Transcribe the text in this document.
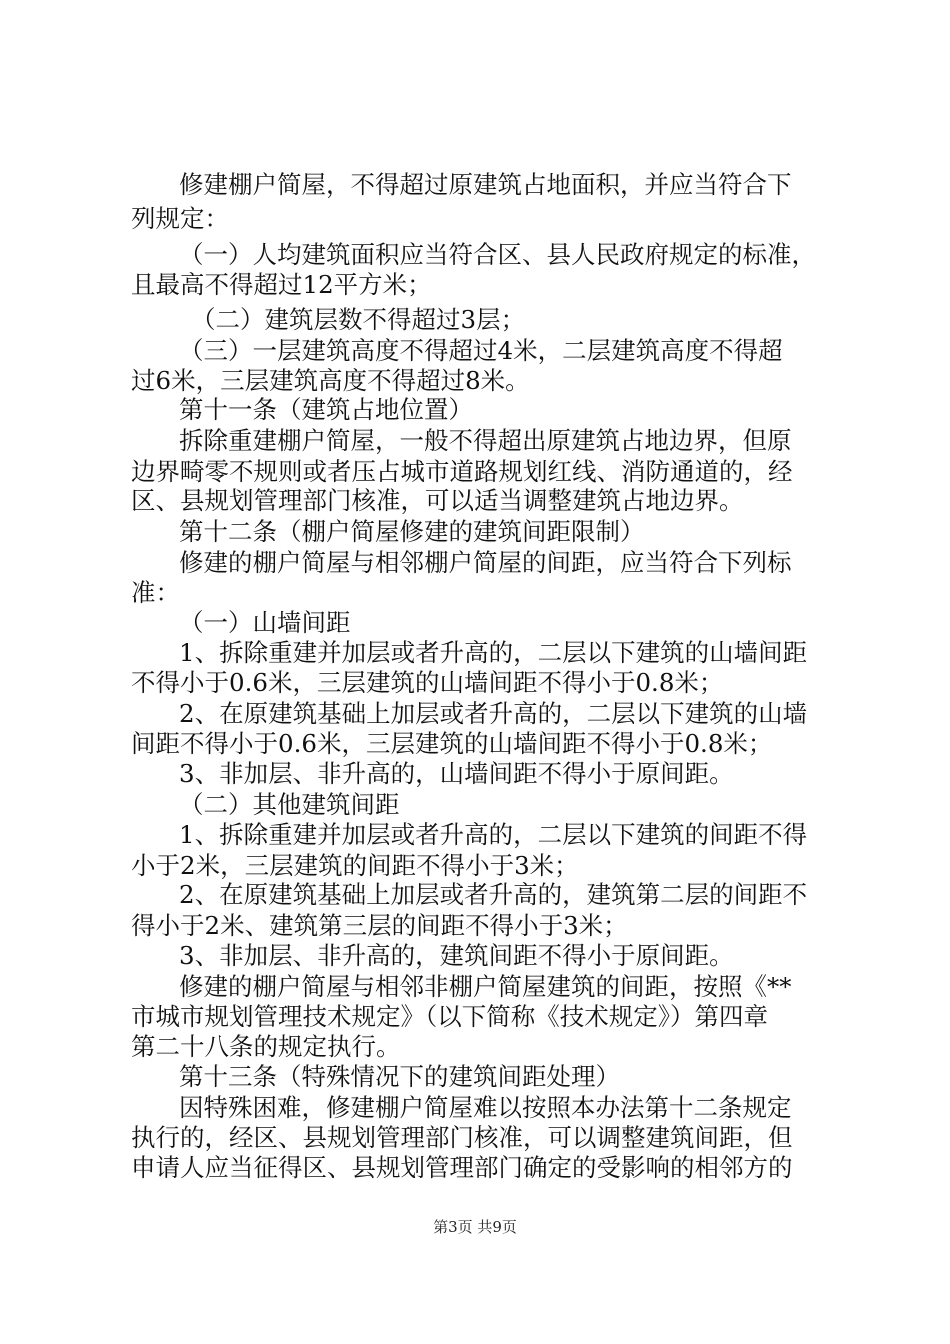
修建棚户简屋，不得超过原建筑占地面积，并应当符合下
列规定：
（一）人均建筑面积应当符合区、县人民政府规定的标准，
且最高不得超过12平方米；
（二）建筑层数不得超过3层；
（三）一层建筑高度不得超过4米，二层建筑高度不得超
过6米，三层建筑高度不得超过8米。
第十一条（建筑占地位置）
拆除重建棚户简屋，一般不得超出原建筑占地边界，但原
边界畸零不规则或者压占城市道路规划红线、消防通道的，经
区、县规划管理部门核准，可以适当调整建筑占地边界。
第十二条（棚户简屋修建的建筑间距限制）
修建的棚户简屋与相邻棚户简屋的间距，应当符合下列标
准：
（一）山墙间距
1、拆除重建并加层或者升高的，二层以下建筑的山墙间距
不得小于0.6米，三层建筑的山墙间距不得小于0.8米；
2、在原建筑基础上加层或者升高的，二层以下建筑的山墙
间距不得小于0.6米，三层建筑的山墙间距不得小于0.8米；
3、非加层、非升高的，山墙间距不得小于原间距。
（二）其他建筑间距
1、拆除重建并加层或者升高的，二层以下建筑的间距不得
小于2米，三层建筑的间距不得小于3米；
2、在原建筑基础上加层或者升高的，建筑第二层的间距不
得小于2米、建筑第三层的间距不得小于3米；
3、非加层、非升高的，建筑间距不得小于原间距。
修建的棚户简屋与相邻非棚户简屋建筑的间距，按照《**
市城市规划管理技术规定》（以下简称《技术规定》）第四章
第二十八条的规定执行。
第十三条（特殊情况下的建筑间距处理）
因特殊困难，修建棚户简屋难以按照本办法第十二条规定
执行的，经区、县规划管理部门核准，可以调整建筑间距，但
申请人应当征得区、县规划管理部门确定的受影响的相邻方的
第3页 共9页
